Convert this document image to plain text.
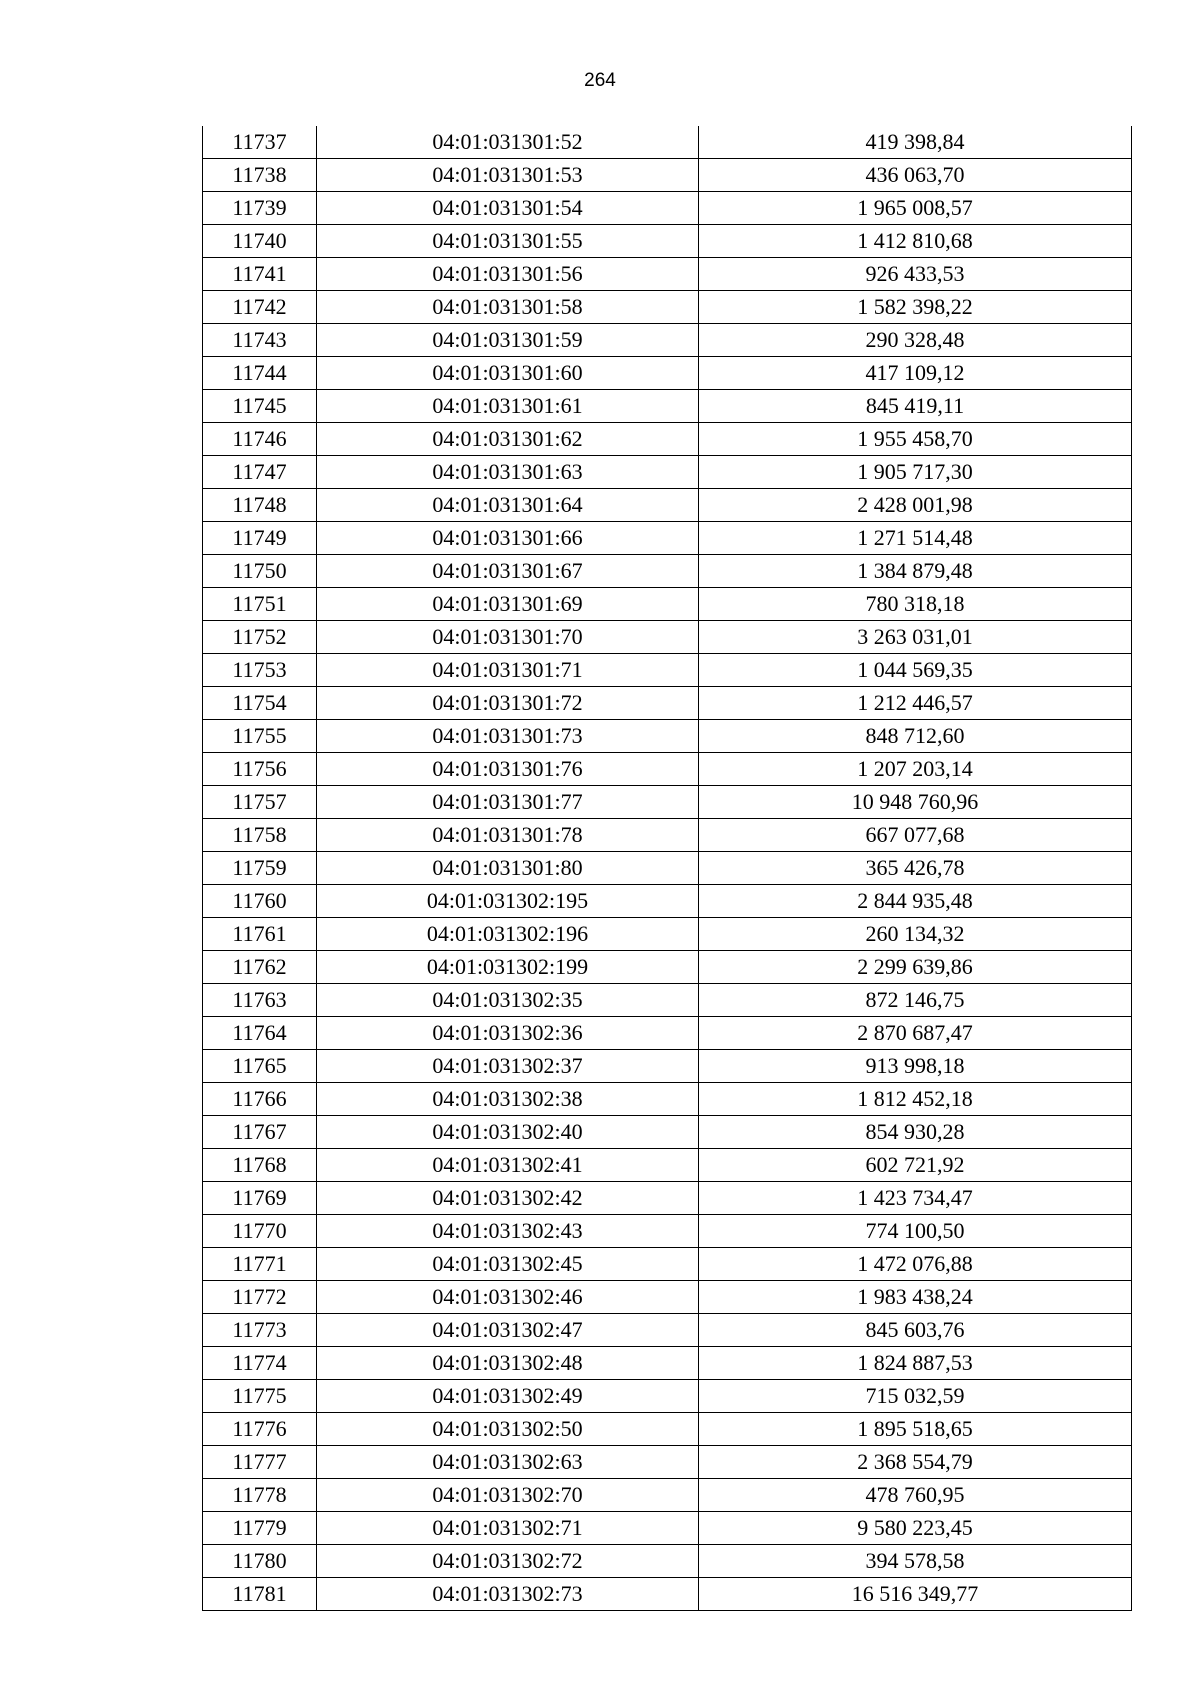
264
11737	04:01:031301:52	419 398,84
11738	04:01:031301:53	436 063,70
11739	04:01:031301:54	1 965 008,57
11740	04:01:031301:55	1 412 810,68
11741	04:01:031301:56	926 433,53
11742	04:01:031301:58	1 582 398,22
11743	04:01:031301:59	290 328,48
11744	04:01:031301:60	417 109,12
11745	04:01:031301:61	845 419,11
11746	04:01:031301:62	1 955 458,70
11747	04:01:031301:63	1 905 717,30
11748	04:01:031301:64	2 428 001,98
11749	04:01:031301:66	1 271 514,48
11750	04:01:031301:67	1 384 879,48
11751	04:01:031301:69	780 318,18
11752	04:01:031301:70	3 263 031,01
11753	04:01:031301:71	1 044 569,35
11754	04:01:031301:72	1 212 446,57
11755	04:01:031301:73	848 712,60
11756	04:01:031301:76	1 207 203,14
11757	04:01:031301:77	10 948 760,96
11758	04:01:031301:78	667 077,68
11759	04:01:031301:80	365 426,78
11760	04:01:031302:195	2 844 935,48
11761	04:01:031302:196	260 134,32
11762	04:01:031302:199	2 299 639,86
11763	04:01:031302:35	872 146,75
11764	04:01:031302:36	2 870 687,47
11765	04:01:031302:37	913 998,18
11766	04:01:031302:38	1 812 452,18
11767	04:01:031302:40	854 930,28
11768	04:01:031302:41	602 721,92
11769	04:01:031302:42	1 423 734,47
11770	04:01:031302:43	774 100,50
11771	04:01:031302:45	1 472 076,88
11772	04:01:031302:46	1 983 438,24
11773	04:01:031302:47	845 603,76
11774	04:01:031302:48	1 824 887,53
11775	04:01:031302:49	715 032,59
11776	04:01:031302:50	1 895 518,65
11777	04:01:031302:63	2 368 554,79
11778	04:01:031302:70	478 760,95
11779	04:01:031302:71	9 580 223,45
11780	04:01:031302:72	394 578,58
11781	04:01:031302:73	16 516 349,77
